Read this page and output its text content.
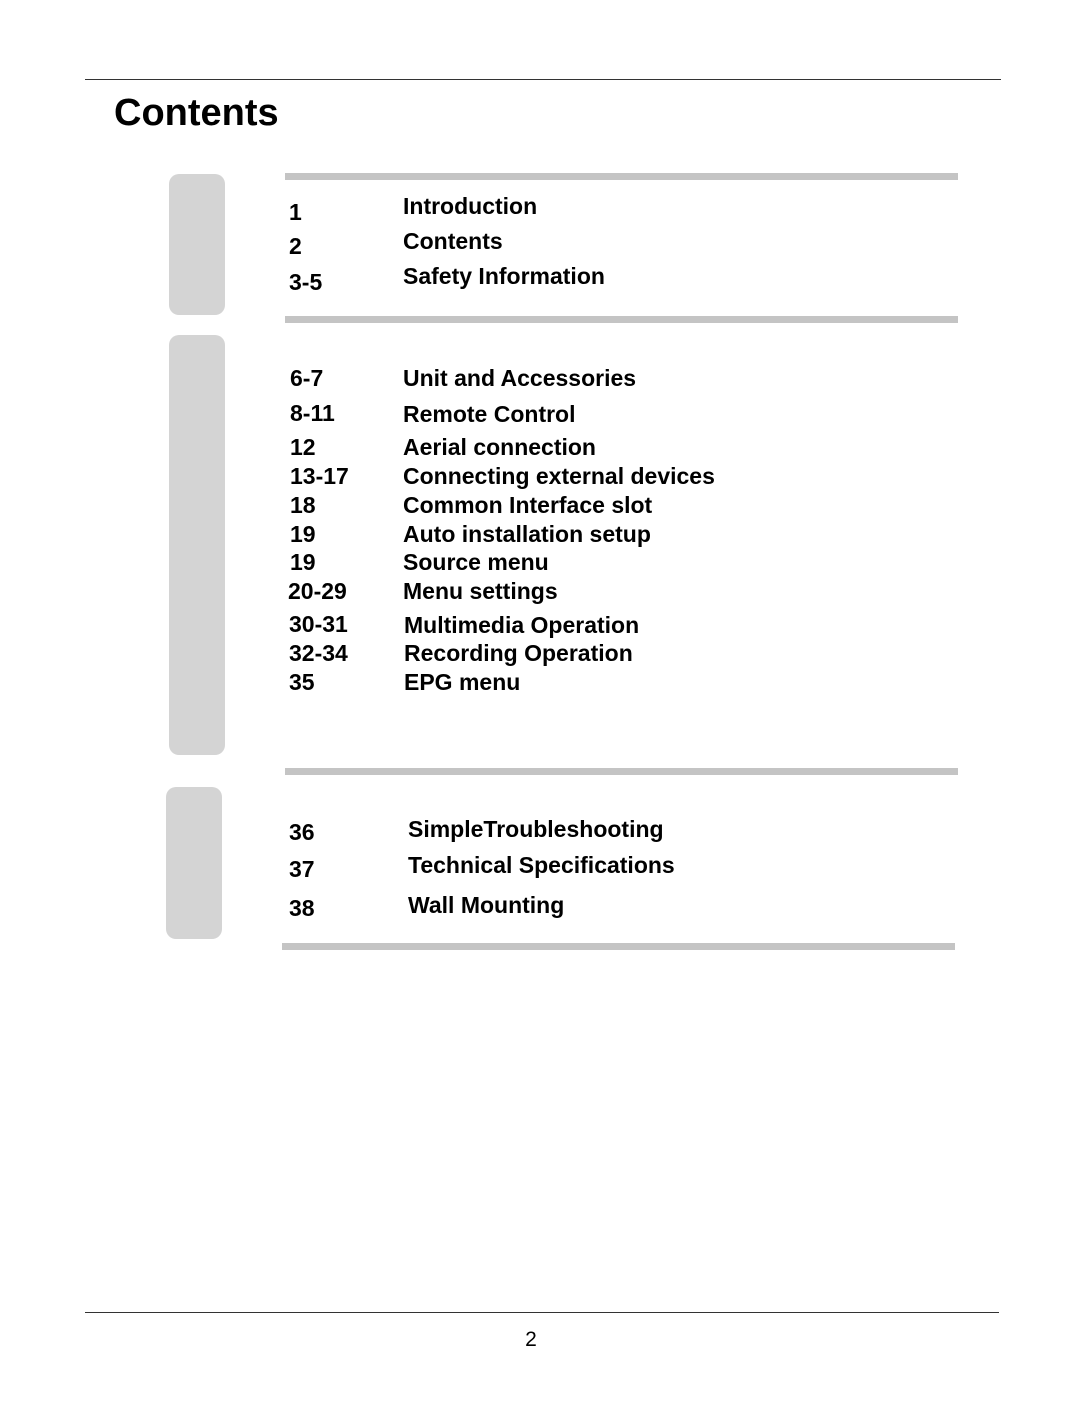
Contents
1	Introduction
2	Contents
3-5	Safety Information
6-7	Unit and Accessories
8-11	Remote Control
12	Aerial connection
13-17 Connecting external devices
18	Common Interface slot
19	Auto installation setup
19	Source menu
20-29 Menu settings
30-31 Multimedia Operation
32-34 Recording Operation
35	EPG menu
36	SimpleTroubleshooting
37	Technical Specifications
38	Wall Mounting
2
